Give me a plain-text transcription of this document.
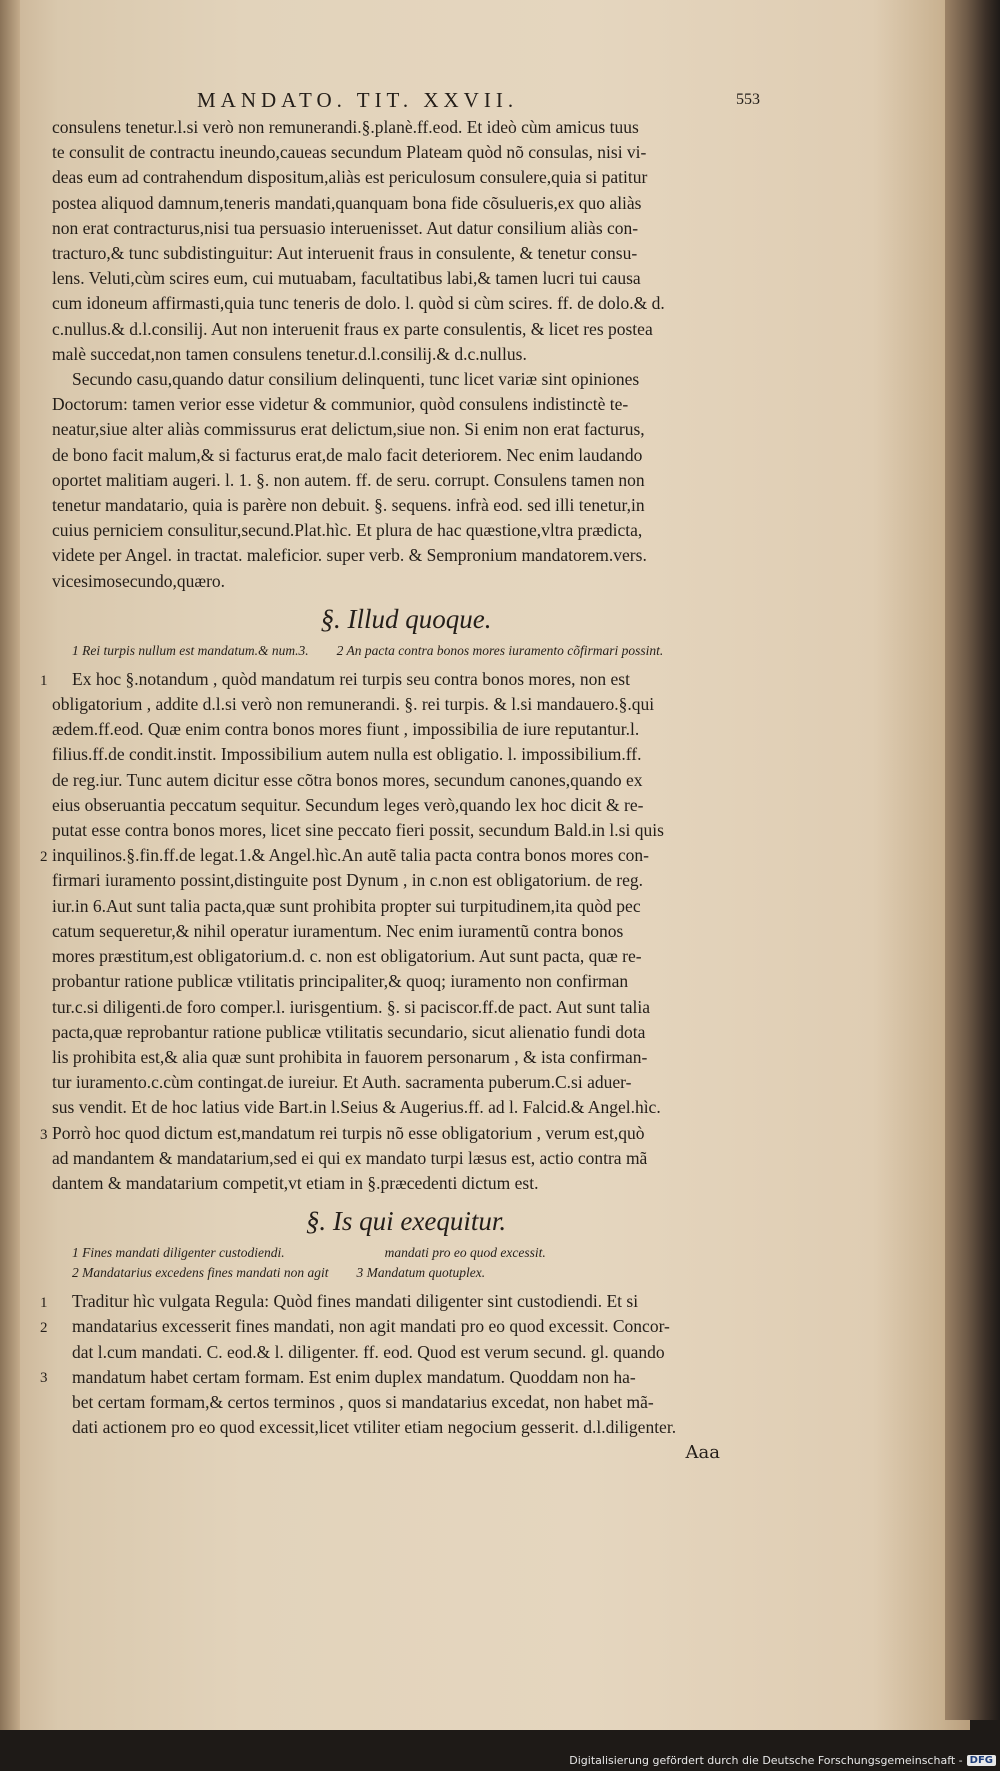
MANDATO. TIT. XXVII.	553
consulens tenetur.l.si verò non remunerandi.§.planè.ff.eod. Et ideò cùm amicus tuus
te consulit de contractu ineundo,caueas secundum Plateam quòd nõ consulas, nisi vi-
deas eum ad contrahendum dispositum,aliàs est periculosum consulere,quia si patitur
postea aliquod damnum,teneris mandati,quanquam bona fide cõsulueris,ex quo aliàs
non erat contracturus,nisi tua persuasio interuenisset. Aut datur consilium aliàs con-
tracturo,& tunc subdistinguitur: Aut interuenit fraus in consulente, & tenetur consu-
lens. Veluti,cùm scires eum, cui mutuabam, facultatibus labi,& tamen lucri tui causa
cum idoneum affirmasti,quia tunc teneris de dolo. l. quòd si cùm scires. ff. de dolo.& d.
c.nullus.& d.l.consilij. Aut non interuenit fraus ex parte consulentis, & licet res postea
malè succedat,non tamen consulens tenetur.d.l.consilij.& d.c.nullus.
Secundo casu,quando datur consilium delinquenti, tunc licet variæ sint opiniones
Doctorum: tamen verior esse videtur & communior, quòd consulens indistinctè te-
neatur,siue alter aliàs commissurus erat delictum,siue non. Si enim non erat facturus,
de bono facit malum,& si facturus erat,de malo facit deteriorem. Nec enim laudando
oportet malitiam augeri. l. 1. §. non autem. ff. de seru. corrupt. Consulens tamen non
tenetur mandatario, quia is parère non debuit. §. sequens. infrà eod. sed illi tenetur,in
cuius perniciem consulitur,secund.Plat.hìc. Et plura de hac quæstione,vltra prædicta,
videte per Angel. in tractat. maleficior. super verb. & Sempronium mandatorem.vers.
vicesimosecundo,quæro.
§. Illud quoque.
1 Rei turpis nullum est mandatum.& num.3. 2 An pacta contra bonos mores iuramento cõfirmari possint.
1
2
3
Ex hoc §.notandum , quòd mandatum rei turpis seu contra bonos mores, non est
obligatorium , addite d.l.si verò non remunerandi. §. rei turpis. & l.si mandauero.§.qui
ædem.ff.eod. Quæ enim contra bonos mores fiunt , impossibilia de iure reputantur.l.
filius.ff.de condit.instit. Impossibilium autem nulla est obligatio. l. impossibilium.ff.
de reg.iur. Tunc autem dicitur esse cõtra bonos mores, secundum canones,quando ex
eius obseruantia peccatum sequitur. Secundum leges verò,quando lex hoc dicit & re-
putat esse contra bonos mores, licet sine peccato fieri possit, secundum Bald.in l.si quis
inquilinos.§.fin.ff.de legat.1.& Angel.hìc.An autẽ talia pacta contra bonos mores con-
firmari iuramento possint,distinguite post Dynum , in c.non est obligatorium. de reg.
iur.in 6.Aut sunt talia pacta,quæ sunt prohibita propter sui turpitudinem,ita quòd pec
catum sequeretur,& nihil operatur iuramentum. Nec enim iuramentũ contra bonos
mores præstitum,est obligatorium.d. c. non est obligatorium. Aut sunt pacta, quæ re-
probantur ratione publicæ vtilitatis principaliter,& quoq; iuramento non confirman
tur.c.si diligenti.de foro comper.l. iurisgentium. §. si paciscor.ff.de pact. Aut sunt talia
pacta,quæ reprobantur ratione publicæ vtilitatis secundario, sicut alienatio fundi dota
lis prohibita est,& alia quæ sunt prohibita in fauorem personarum , & ista confirman-
tur iuramento.c.cùm contingat.de iureiur. Et Auth. sacramenta puberum.C.si aduer-
sus vendit. Et de hoc latius vide Bart.in l.Seius & Augerius.ff. ad l. Falcid.& Angel.hìc.
Porrò hoc quod dictum est,mandatum rei turpis nõ esse obligatorium , verum est,quò
ad mandantem & mandatarium,sed ei qui ex mandato turpi læsus est, actio contra mã
dantem & mandatarium competit,vt etiam in §.præcedenti dictum est.
§. Is qui exequitur.
1 Fines mandati diligenter custodiendi.	mandati pro eo quod excessit.
2 Mandatarius excedens fines mandati non agit 3 Mandatum quotuplex.
1
2
3
Traditur hìc vulgata Regula: Quòd fines mandati diligenter sint custodiendi. Et si
mandatarius excesserit fines mandati, non agit mandati pro eo quod excessit. Concor-
dat l.cum mandati. C. eod.& l. diligenter. ff. eod. Quod est verum secund. gl. quando
mandatum habet certam formam. Est enim duplex mandatum. Quoddam non ha-
bet certam formam,& certos terminos , quos si mandatarius excedat, non habet mã-
dati actionem pro eo quod excessit,licet vtiliter etiam negocium gesserit. d.l.diligenter.
Aaa
Digitalisierung gefördert durch die Deutsche Forschungsgemeinschaft - DFG
